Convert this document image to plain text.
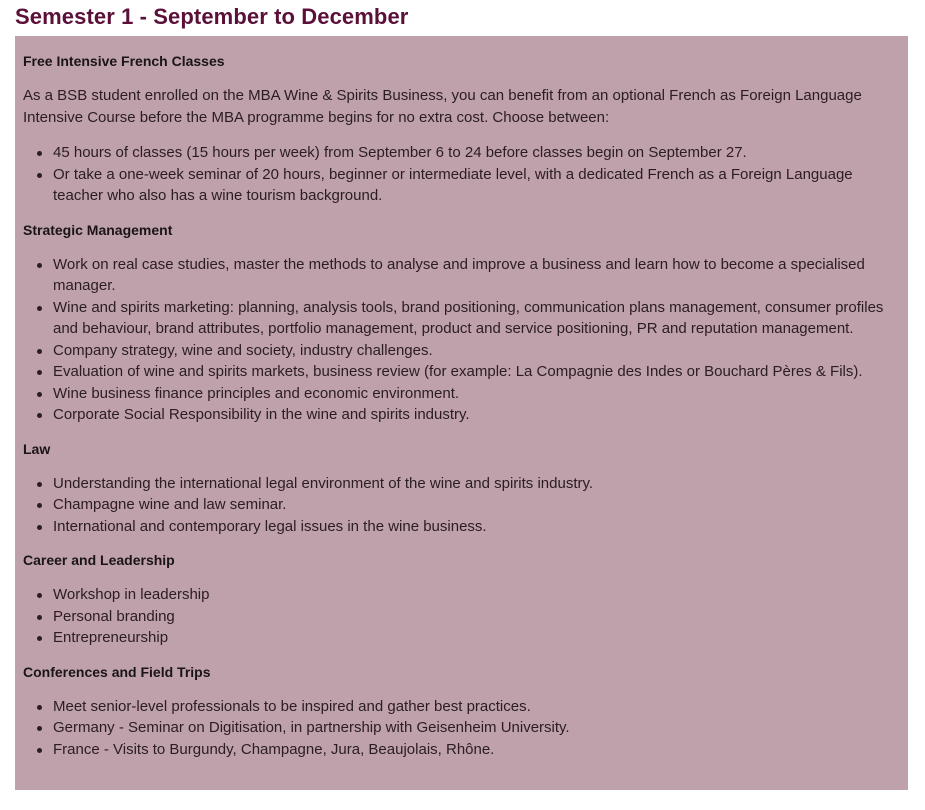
Semester 1 - September to December
Free Intensive French Classes

As a BSB student enrolled on the MBA Wine & Spirits Business, you can benefit from an optional French as Foreign Language Intensive Course before the MBA programme begins for no extra cost. Choose between:

45 hours of classes (15 hours per week) from September 6 to 24 before classes begin on September 27.
Or take a one-week seminar of 20 hours, beginner or intermediate level, with a dedicated French as a Foreign Language teacher who also has a wine tourism background.
Strategic Management
Work on real case studies, master the methods to analyse and improve a business and learn how to become a specialised manager.
Wine and spirits marketing: planning, analysis tools, brand positioning, communication plans management, consumer profiles and behaviour, brand attributes, portfolio management, product and service positioning, PR and reputation management.
Company strategy, wine and society, industry challenges.
Evaluation of wine and spirits markets, business review (for example: La Compagnie des Indes or Bouchard Pères & Fils).
Wine business finance principles and economic environment.
Corporate Social Responsibility in the wine and spirits industry.
Law
Understanding the international legal environment of the wine and spirits industry.
Champagne wine and law seminar.
International and contemporary legal issues in the wine business.
Career and Leadership
Workshop in leadership
Personal branding
Entrepreneurship
Conferences and Field Trips
Meet senior-level professionals to be inspired and gather best practices.
Germany - Seminar on Digitisation, in partnership with Geisenheim University.
France - Visits to Burgundy, Champagne, Jura, Beaujolais, Rhône.
